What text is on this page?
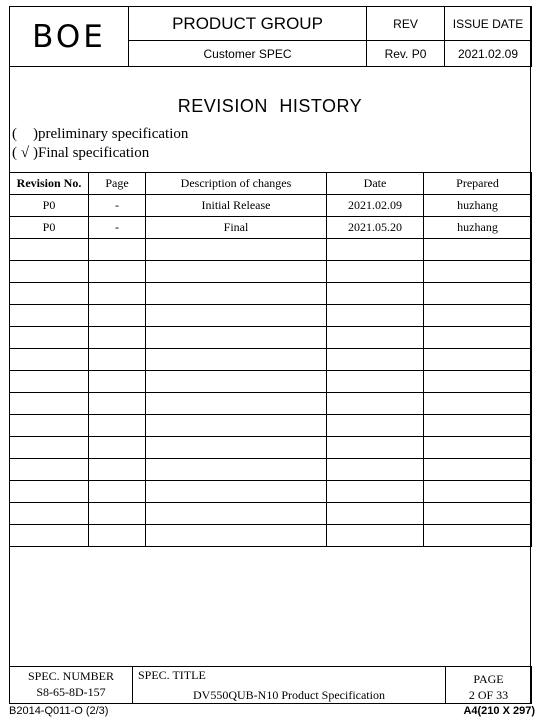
BOE	PRODUCT GROUP	REV	ISSUE DATE
	Customer SPEC	Rev. P0	2021.02.09
REVISION HISTORY
( )preliminary specification
( √ )Final specification
Revision No.	Page	Description of changes	Date	Prepared
P0	-	Initial Release	2021.02.09	huzhang
P0	-	Final	2021.05.20	huzhang

SPEC. NUMBER
S8-65-8D-157

SPEC. TITLE
DV550QUB-N10 Product Specification

PAGE
2 OF 33
B2014-Q011-O (2/3)	A4(210 X 297)
